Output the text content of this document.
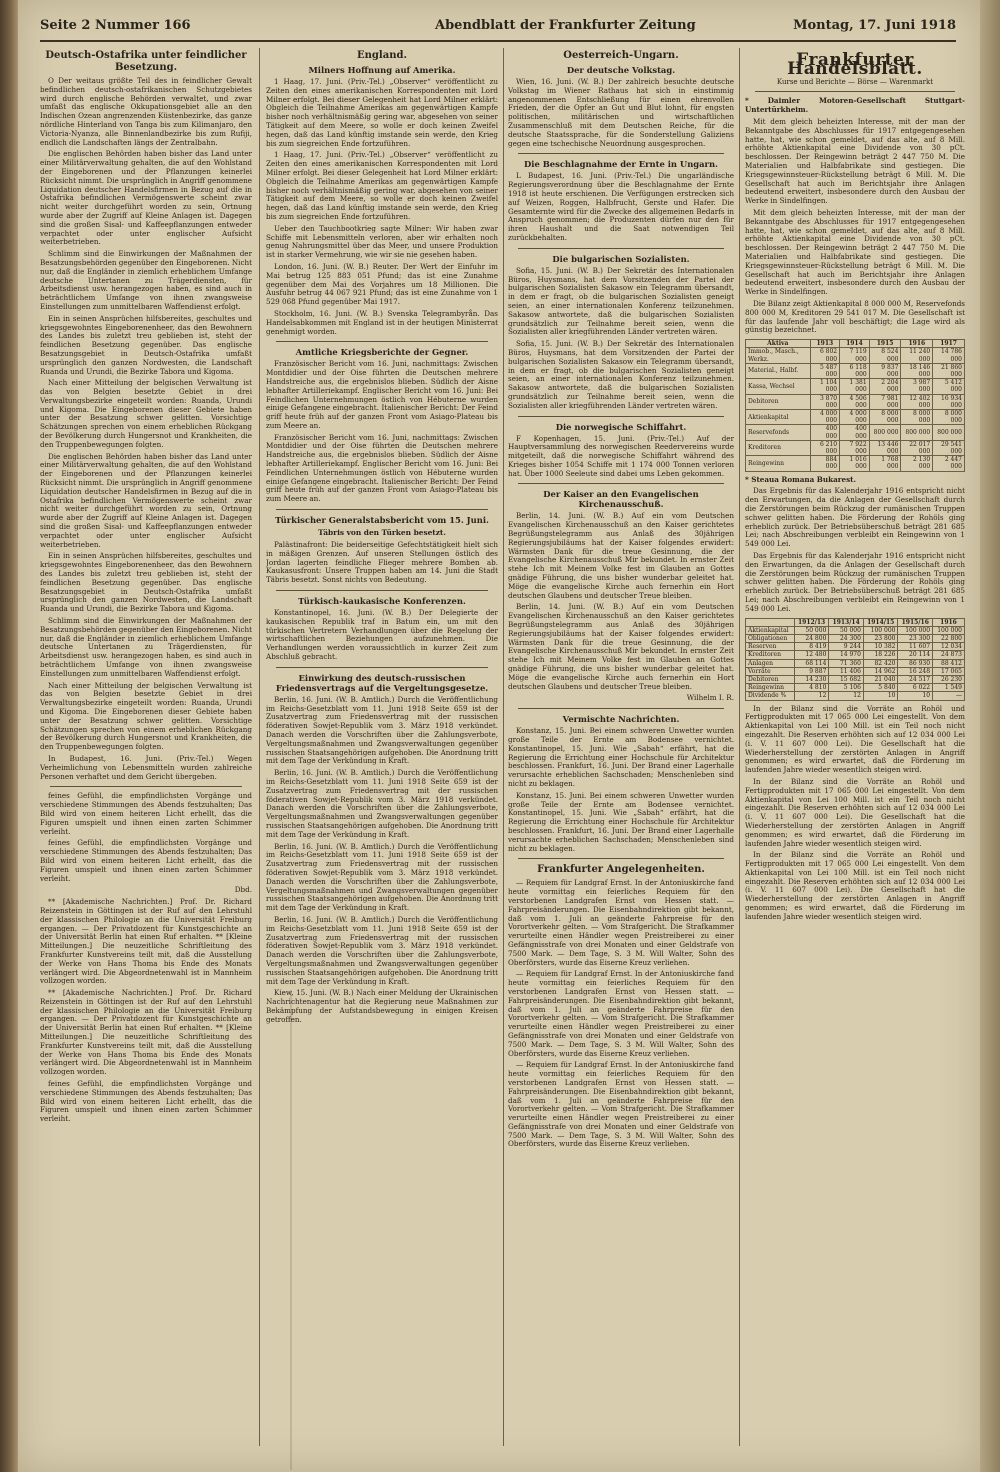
Seite 2 Nummer 166	Abendblatt der Frankfurter Zeitung	Montag, 17. Juni 1918
Deutsch-Ostafrika unter feindlicher Besetzung.

O Der weitaus größte Teil des in feindlicher Gewalt befindlichen deutsch-ostafrikanischen Schutzgebietes wird durch englische Behörden verwaltet, und zwar umfaßt das englische Okkupationsgebiet alle an den Indischen Ozean angrenzenden Küstenbezirke, das ganze nördliche Hinterland von Tanga bis zum Kilimanjaro, den Victoria-Nyanza, alle Binnenlandbezirke bis zum Rufiji, endlich die Landschaften längs der Zentralbahn.

Die englischen Behörden haben bisher das Land unter einer Militärverwaltung gehalten, die auf den Wohlstand der Eingeborenen und der Pflanzungen keinerlei Rücksicht nimmt. Die ursprünglich in Angriff genommene Liquidation deutscher Handelsfirmen in Bezug auf die in Ostafrika befindlichen Vermögenswerte scheint zwar nicht weiter durchgeführt worden zu sein, Ortnung wurde aber der Zugriff auf Kleine Anlagen ist. Dagegen sind die großen Sisal- und Kaffeepflanzungen entweder verpachtet oder unter englischer Aufsicht weiterbetrieben.

Schlimm sind die Einwirkungen der Maßnahmen der Besatzungsbehörden gegenüber den Eingeborenen. Nicht nur, daß die Engländer in ziemlich erheblichem Umfange deutsche Untertanen zu Trägerdiensten, für Arbeitsdienst usw. herangezogen haben, es sind auch in beträchtlichem Umfange von ihnen zwangsweise Einstellungen zum unmittelbaren Waffendienst erfolgt.

Ein in seinen Ansprüchen hilfsbereites, geschultes und kriegsgewohntes Eingeborenenheer, das den Bewohnern des Landes bis zuletzt treu geblieben ist, steht der feindlichen Besetzung gegenüber. Das englische Besatzungsgebiet in Deutsch-Ostafrika umfaßt ursprünglich den ganzen Nordwesten, die Landschaft Ruanda und Urundi, die Bezirke Tabora und Kigoma.

Nach einer Mitteilung der belgischen Verwaltung ist das von Belgien besetzte Gebiet in drei Verwaltungsbezirke eingeteilt worden: Ruanda, Urundi und Kigoma. Die Eingeborenen dieser Gebiete haben unter der Besatzung schwer gelitten. Vorsichtige Schätzungen sprechen von einem erheblichen Rückgang der Bevölkerung durch Hungersnot und Krankheiten, die den Truppenbewegungen folgten.

Die englischen Behörden haben bisher das Land unter einer Militärverwaltung gehalten, die auf den Wohlstand der Eingeborenen und der Pflanzungen keinerlei Rücksicht nimmt. Die ursprünglich in Angriff genommene Liquidation deutscher Handelsfirmen in Bezug auf die in Ostafrika befindlichen Vermögenswerte scheint zwar nicht weiter durchgeführt worden zu sein, Ortnung wurde aber der Zugriff auf Kleine Anlagen ist. Dagegen sind die großen Sisal- und Kaffeepflanzungen entweder verpachtet oder unter englischer Aufsicht weiterbetrieben.

Ein in seinen Ansprüchen hilfsbereites, geschultes und kriegsgewohntes Eingeborenenheer, das den Bewohnern des Landes bis zuletzt treu geblieben ist, steht der feindlichen Besetzung gegenüber. Das englische Besatzungsgebiet in Deutsch-Ostafrika umfaßt ursprünglich den ganzen Nordwesten, die Landschaft Ruanda und Urundi, die Bezirke Tabora und Kigoma.

Schlimm sind die Einwirkungen der Maßnahmen der Besatzungsbehörden gegenüber den Eingeborenen. Nicht nur, daß die Engländer in ziemlich erheblichem Umfange deutsche Untertanen zu Trägerdiensten, für Arbeitsdienst usw. herangezogen haben, es sind auch in beträchtlichem Umfange von ihnen zwangsweise Einstellungen zum unmittelbaren Waffendienst erfolgt.

Nach einer Mitteilung der belgischen Verwaltung ist das von Belgien besetzte Gebiet in drei Verwaltungsbezirke eingeteilt worden: Ruanda, Urundi und Kigoma. Die Eingeborenen dieser Gebiete haben unter der Besatzung schwer gelitten. Vorsichtige Schätzungen sprechen von einem erheblichen Rückgang der Bevölkerung durch Hungersnot und Krankheiten, die den Truppenbewegungen folgten.

In Budapest, 16. Juni. (Priv.-Tel.) Wegen Verheimlichung von Lebensmitteln wurden zahlreiche Personen verhaftet und dem Gericht übergeben.

feines Gefühl, die empfindlichsten Vorgänge und verschiedene Stimmungen des Abends festzuhalten; Das Bild wird von einem heiteren Licht erhellt, das die Figuren umspielt und ihnen einen zarten Schimmer verleiht.

feines Gefühl, die empfindlichsten Vorgänge und verschiedene Stimmungen des Abends festzuhalten; Das Bild wird von einem heiteren Licht erhellt, das die Figuren umspielt und ihnen einen zarten Schimmer verleiht.

Dbd.

** [Akademische Nachrichten.] Prof. Dr. Richard Reizenstein in Göttingen ist der Ruf auf den Lehrstuhl der klassischen Philologie an die Universität Freiburg ergangen. — Der Privatdozent für Kunstgeschichte an der Universität Berlin hat einen Ruf erhalten. ** [Kleine Mitteilungen.] Die neuzeitliche Schriftleitung des Frankfurter Kunstvereins teilt mit, daß die Ausstellung der Werke von Hans Thoma bis Ende des Monats verlängert wird. Die Abgeordnetenwahl ist in Mannheim vollzogen worden.

** [Akademische Nachrichten.] Prof. Dr. Richard Reizenstein in Göttingen ist der Ruf auf den Lehrstuhl der klassischen Philologie an die Universität Freiburg ergangen. — Der Privatdozent für Kunstgeschichte an der Universität Berlin hat einen Ruf erhalten. ** [Kleine Mitteilungen.] Die neuzeitliche Schriftleitung des Frankfurter Kunstvereins teilt mit, daß die Ausstellung der Werke von Hans Thoma bis Ende des Monats verlängert wird. Die Abgeordnetenwahl ist in Mannheim vollzogen worden.

feines Gefühl, die empfindlichsten Vorgänge und verschiedene Stimmungen des Abends festzuhalten; Das Bild wird von einem heiteren Licht erhellt, das die Figuren umspielt und ihnen einen zarten Schimmer verleiht.

England.
Milners Hoffnung auf Amerika.

1 Haag, 17. Juni. (Priv.-Tel.) „Observer“ veröffentlicht zu Zeiten den eines amerikanischen Korrespondenten mit Lord Milner erfolgt. Bei dieser Gelegenheit hat Lord Milner erklärt: Obgleich die Teilnahme Amerikas am gegenwärtigen Kampfe bisher noch verhältnismäßig gering war, abgesehen von seiner Tätigkeit auf dem Meere, so wolle er doch keinen Zweifel hegen, daß das Land künftig imstande sein werde, den Krieg bis zum siegreichen Ende fortzuführen.

1 Haag, 17. Juni. (Priv.-Tel.) „Observer“ veröffentlicht zu Zeiten den eines amerikanischen Korrespondenten mit Lord Milner erfolgt. Bei dieser Gelegenheit hat Lord Milner erklärt: Obgleich die Teilnahme Amerikas am gegenwärtigen Kampfe bisher noch verhältnismäßig gering war, abgesehen von seiner Tätigkeit auf dem Meere, so wolle er doch keinen Zweifel hegen, daß das Land künftig imstande sein werde, den Krieg bis zum siegreichen Ende fortzuführen.

Ueber den Tauchbootkrieg sagte Milner: Wir haben zwar Schiffe mit Lebensmitteln verloren, aber wir erhalten noch genug Nahrungsmittel über das Meer, und unsere Produktion ist in starker Vermehrung, wie wir sie nie gesehen haben.

London, 16. Juni. (W. B.) Reuter. Der Wert der Einfuhr im Mai betrug 125 883 051 Pfund; das ist eine Zunahme gegenüber dem Mai des Vorjahres um 18 Millionen. Die Ausfuhr betrug 44 067 921 Pfund; das ist eine Zunahme von 1 529 068 Pfund gegenüber Mai 1917.

Stockholm, 16. Juni. (W. B.) Svenska Telegrambyrån. Das Handelsabkommen mit England ist in der heutigen Ministerrat genehmigt worden.

Amtliche Kriegsberichte der Gegner.

Französischer Bericht vom 16. Juni, nachmittags: Zwischen Montdidier und der Oise führten die Deutschen mehrere Handstreiche aus, die ergebnislos blieben. Südlich der Aisne lebhafter Artilleriekampf. Englischer Bericht vom 16. Juni: Bei Feindlichen Unternehmungen östlich von Hébuterne wurden einige Gefangene eingebracht. Italienischer Bericht: Der Feind griff heute früh auf der ganzen Front vom Asiago-Plateau bis zum Meere an.

Französischer Bericht vom 16. Juni, nachmittags: Zwischen Montdidier und der Oise führten die Deutschen mehrere Handstreiche aus, die ergebnislos blieben. Südlich der Aisne lebhafter Artilleriekampf. Englischer Bericht vom 16. Juni: Bei Feindlichen Unternehmungen östlich von Hébuterne wurden einige Gefangene eingebracht. Italienischer Bericht: Der Feind griff heute früh auf der ganzen Front vom Asiago-Plateau bis zum Meere an.

Türkischer Generalstabsbericht vom 15. Juni.
Täbris von den Türken besetzt.

Palästinafront: Die beiderseitige Gefechtstätigkeit hielt sich in mäßigen Grenzen. Auf unseren Stellungen östlich des Jordan lagerten feindliche Flieger mehrere Bomben ab. Kaukasusfront: Unsere Truppen haben am 14. Juni die Stadt Täbris besetzt. Sonst nichts von Bedeutung.

Türkisch-kaukasische Konferenzen.

Konstantinopel, 16. Juni. (W. B.) Der Delegierte der kaukasischen Republik traf in Batum ein, um mit den türkischen Vertretern Verhandlungen über die Regelung der wirtschaftlichen Beziehungen aufzunehmen. Die Verhandlungen werden voraussichtlich in kurzer Zeit zum Abschluß gebracht.

Einwirkung des deutsch-russischen Friedensvertrags auf die Vergeltungsgesetze.

Berlin, 16. Juni. (W. B. Amtlich.) Durch die Veröffentlichung im Reichs-Gesetzblatt vom 11. Juni 1918 Seite 659 ist der Zusatzvertrag zum Friedensvertrag mit der russischen föderativen Sowjet-Republik vom 3. März 1918 verkündet. Danach werden die Vorschriften über die Zahlungsverbote, Vergeltungsmaßnahmen und Zwangsverwaltungen gegenüber russischen Staatsangehörigen aufgehoben. Die Anordnung tritt mit dem Tage der Verkündung in Kraft.

Berlin, 16. Juni. (W. B. Amtlich.) Durch die Veröffentlichung im Reichs-Gesetzblatt vom 11. Juni 1918 Seite 659 ist der Zusatzvertrag zum Friedensvertrag mit der russischen föderativen Sowjet-Republik vom 3. März 1918 verkündet. Danach werden die Vorschriften über die Zahlungsverbote, Vergeltungsmaßnahmen und Zwangsverwaltungen gegenüber russischen Staatsangehörigen aufgehoben. Die Anordnung tritt mit dem Tage der Verkündung in Kraft.

Berlin, 16. Juni. (W. B. Amtlich.) Durch die Veröffentlichung im Reichs-Gesetzblatt vom 11. Juni 1918 Seite 659 ist der Zusatzvertrag zum Friedensvertrag mit der russischen föderativen Sowjet-Republik vom 3. März 1918 verkündet. Danach werden die Vorschriften über die Zahlungsverbote, Vergeltungsmaßnahmen und Zwangsverwaltungen gegenüber russischen Staatsangehörigen aufgehoben. Die Anordnung tritt mit dem Tage der Verkündung in Kraft.

Berlin, 16. Juni. (W. B. Amtlich.) Durch die Veröffentlichung im Reichs-Gesetzblatt vom 11. Juni 1918 Seite 659 ist der Zusatzvertrag zum Friedensvertrag mit der russischen föderativen Sowjet-Republik vom 3. März 1918 verkündet. Danach werden die Vorschriften über die Zahlungsverbote, Vergeltungsmaßnahmen und Zwangsverwaltungen gegenüber russischen Staatsangehörigen aufgehoben. Die Anordnung tritt mit dem Tage der Verkündung in Kraft.

Kiew, 15. Juni. (W. B.) Nach einer Meldung der Ukrainischen Nachrichtenagentur hat die Regierung neue Maßnahmen zur Bekämpfung der Aufstandsbewegung in einigen Kreisen getroffen.

Oesterreich-Ungarn.
Der deutsche Volkstag.

Wien, 16. Juni. (W. B.) Der zahlreich besuchte deutsche Volkstag im Wiener Rathaus hat sich in einstimmig angenommenen Entschließung für einen ehrenvollen Frieden, der die Opfer an Gut und Blut lohnt, für engsten politischen, militärischen und wirtschaftlichen Zusammenschluß mit dem Deutschen Reiche, für die deutsche Staatssprache, für die Sonderstellung Galiziens gegen eine tschechische Neuordnung ausgesprochen.

Die Beschlagnahme der Ernte in Ungarn.

L Budapest, 16. Juni. (Priv.-Tel.) Die ungarländische Regierungsverordnung über die Beschlagnahme der Ernte 1918 ist heute erschienen. Die Verfügungen erstrecken sich auf Weizen, Roggen, Halbfrucht, Gerste und Hafer. Die Gesamternte wird für die Zwecke des allgemeinen Bedarfs in Anspruch genommen; die Produzenten dürfen nur den für ihren Haushalt und die Saat notwendigen Teil zurückbehalten.

Die bulgarischen Sozialisten.

Sofia, 15. Juni. (W. B.) Der Sekretär des Internationalen Büros, Huysmans, hat dem Vorsitzenden der Partei der bulgarischen Sozialisten Sakasow ein Telegramm übersandt, in dem er fragt, ob die bulgarischen Sozialisten geneigt seien, an einer internationalen Konferenz teilzunehmen. Sakasow antwortete, daß die bulgarischen Sozialisten grundsätzlich zur Teilnahme bereit seien, wenn die Sozialisten aller kriegführenden Länder vertreten wären.

Sofia, 15. Juni. (W. B.) Der Sekretär des Internationalen Büros, Huysmans, hat dem Vorsitzenden der Partei der bulgarischen Sozialisten Sakasow ein Telegramm übersandt, in dem er fragt, ob die bulgarischen Sozialisten geneigt seien, an einer internationalen Konferenz teilzunehmen. Sakasow antwortete, daß die bulgarischen Sozialisten grundsätzlich zur Teilnahme bereit seien, wenn die Sozialisten aller kriegführenden Länder vertreten wären.

Die norwegische Schiffahrt.

F Kopenhagen, 15. Juni. (Priv.-Tel.) Auf der Hauptversammlung des norwegischen Reedervereins wurde mitgeteilt, daß die norwegische Schiffahrt während des Krieges bisher 1054 Schiffe mit 1 174 000 Tonnen verloren hat. Über 1000 Seeleute sind dabei ums Leben gekommen.

Der Kaiser an den Evangelischen Kirchenausschuß.

Berlin, 14. Juni. (W. B.) Auf ein vom Deutschen Evangelischen Kirchenausschuß an den Kaiser gerichtetes Begrüßungstelegramm aus Anlaß des 30jährigen Regierungsjubiläums hat der Kaiser folgendes erwidert: Wärmsten Dank für die treue Gesinnung, die der Evangelische Kirchenausschuß Mir bekundet. In ernster Zeit stehe Ich mit Meinem Volke fest im Glauben an Gottes gnädige Führung, die uns bisher wunderbar geleitet hat. Möge die evangelische Kirche auch fernerhin ein Hort deutschen Glaubens und deutscher Treue bleiben.

Berlin, 14. Juni. (W. B.) Auf ein vom Deutschen Evangelischen Kirchenausschuß an den Kaiser gerichtetes Begrüßungstelegramm aus Anlaß des 30jährigen Regierungsjubiläums hat der Kaiser folgendes erwidert: Wärmsten Dank für die treue Gesinnung, die der Evangelische Kirchenausschuß Mir bekundet. In ernster Zeit stehe Ich mit Meinem Volke fest im Glauben an Gottes gnädige Führung, die uns bisher wunderbar geleitet hat. Möge die evangelische Kirche auch fernerhin ein Hort deutschen Glaubens und deutscher Treue bleiben.

Wilhelm I. R.

Vermischte Nachrichten.

Konstanz, 15. Juni. Bei einem schweren Unwetter wurden große Teile der Ernte am Bodensee vernichtet. Konstantinopel, 15. Juni. Wie „Sabah“ erfährt, hat die Regierung die Errichtung einer Hochschule für Architektur beschlossen. Frankfurt, 16. Juni. Der Brand einer Lagerhalle verursachte erheblichen Sachschaden; Menschenleben sind nicht zu beklagen.

Konstanz, 15. Juni. Bei einem schweren Unwetter wurden große Teile der Ernte am Bodensee vernichtet. Konstantinopel, 15. Juni. Wie „Sabah“ erfährt, hat die Regierung die Errichtung einer Hochschule für Architektur beschlossen. Frankfurt, 16. Juni. Der Brand einer Lagerhalle verursachte erheblichen Sachschaden; Menschenleben sind nicht zu beklagen.

Frankfurter Angelegenheiten.

— Requiem für Landgraf Ernst. In der Antoniuskirche fand heute vormittag ein feierliches Requiem für den verstorbenen Landgrafen Ernst von Hessen statt. — Fahrpreisänderungen. Die Eisenbahndirektion gibt bekannt, daß vom 1. Juli an geänderte Fahrpreise für den Vorortverkehr gelten. — Vom Strafgericht. Die Strafkammer verurteilte einen Händler wegen Preistreiberei zu einer Gefängnisstrafe von drei Monaten und einer Geldstrafe von 7500 Mark. — Dem Tage, S. 3 M. Will Walter, Sohn des Oberförsters, wurde das Eiserne Kreuz verliehen.

— Requiem für Landgraf Ernst. In der Antoniuskirche fand heute vormittag ein feierliches Requiem für den verstorbenen Landgrafen Ernst von Hessen statt. — Fahrpreisänderungen. Die Eisenbahndirektion gibt bekannt, daß vom 1. Juli an geänderte Fahrpreise für den Vorortverkehr gelten. — Vom Strafgericht. Die Strafkammer verurteilte einen Händler wegen Preistreiberei zu einer Gefängnisstrafe von drei Monaten und einer Geldstrafe von 7500 Mark. — Dem Tage, S. 3 M. Will Walter, Sohn des Oberförsters, wurde das Eiserne Kreuz verliehen.

— Requiem für Landgraf Ernst. In der Antoniuskirche fand heute vormittag ein feierliches Requiem für den verstorbenen Landgrafen Ernst von Hessen statt. — Fahrpreisänderungen. Die Eisenbahndirektion gibt bekannt, daß vom 1. Juli an geänderte Fahrpreise für den Vorortverkehr gelten. — Vom Strafgericht. Die Strafkammer verurteilte einen Händler wegen Preistreiberei zu einer Gefängnisstrafe von drei Monaten und einer Geldstrafe von 7500 Mark. — Dem Tage, S. 3 M. Will Walter, Sohn des Oberförsters, wurde das Eiserne Kreuz verliehen.

Frankfurter Handelsblatt.
Kurse und Berichte — Börse — Warenmarkt

* Daimler Motoren-Gesellschaft Stuttgart-Untertürkheim.

Mit dem gleich beheizten Interesse, mit der man der Bekanntgabe des Abschlusses für 1917 entgegengesehen hatte, hat, wie schon gemeldet, auf das alte, auf 8 Mill. erhöhte Aktienkapital eine Dividende von 30 pCt. beschlossen. Der Reingewinn beträgt 2 447 750 M. Die Materialien und Halbfabrikate sind gestiegen. Die Kriegsgewinnsteuer-Rückstellung beträgt 6 Mill. M. Die Gesellschaft hat auch im Berichtsjahr ihre Anlagen bedeutend erweitert, insbesondere durch den Ausbau der Werke in Sindelfingen.

Mit dem gleich beheizten Interesse, mit der man der Bekanntgabe des Abschlusses für 1917 entgegengesehen hatte, hat, wie schon gemeldet, auf das alte, auf 8 Mill. erhöhte Aktienkapital eine Dividende von 30 pCt. beschlossen. Der Reingewinn beträgt 2 447 750 M. Die Materialien und Halbfabrikate sind gestiegen. Die Kriegsgewinnsteuer-Rückstellung beträgt 6 Mill. M. Die Gesellschaft hat auch im Berichtsjahr ihre Anlagen bedeutend erweitert, insbesondere durch den Ausbau der Werke in Sindelfingen.

Die Bilanz zeigt Aktienkapital 8 000 000 M, Reservefonds 800 000 M, Kreditoren 29 541 017 M. Die Gesellschaft ist für das laufende Jahr voll beschäftigt; die Lage wird als günstig bezeichnet.

Aktiva	1913	1914	1915	1916	1917
Immob., Masch., Werkz.	6 802 000	7 119 000	8 524 000	11 240 000	14 786 000
Material., Halbf.	5 487 000	6 118 000	9 837 000	18 146 000	21 860 000
Kassa, Wechsel	1 104 000	1 381 000	2 204 000	3 987 000	5 412 000
Debitoren	3 870 000	4 506 000	7 981 000	12 402 000	16 934 000
Aktienkapital	4 000 000	4 000 000	8 000 000	8 000 000	8 000 000
Reservefonds	400 000	400 000	800 000	800 000	800 000
Kreditoren	6 210 000	7 922 000	13 446 000	22 017 000	29 541 000
Reingewinn	884 000	1 016 000	1 768 000	2 130 000	2 447 000

* Steaua Romana Bukarest.

Das Ergebnis für das Kalenderjahr 1916 entspricht nicht den Erwartungen, da die Anlagen der Gesellschaft durch die Zerstörungen beim Rückzug der rumänischen Truppen schwer gelitten haben. Die Förderung der Rohöls ging erheblich zurück. Der Betriebsüberschuß beträgt 281 685 Lei; nach Abschreibungen verbleibt ein Reingewinn von 1 549 000 Lei.

Das Ergebnis für das Kalenderjahr 1916 entspricht nicht den Erwartungen, da die Anlagen der Gesellschaft durch die Zerstörungen beim Rückzug der rumänischen Truppen schwer gelitten haben. Die Förderung der Rohöls ging erheblich zurück. Der Betriebsüberschuß beträgt 281 685 Lei; nach Abschreibungen verbleibt ein Reingewinn von 1 549 000 Lei.

	1912/13	1913/14	1914/15	1915/16	1916
Aktienkapital	50 000	50 000	100 000	100 000	100 000
Obligationen	24 800	24 300	23 800	23 300	22 800
Reserven	8 419	9 244	10 382	11 607	12 034
Kreditoren	12 480	14 970	18 226	20 114	24 873
Anlagen	68 114	71 360	82 420	86 930	88 412
Vorräte	9 887	11 406	14 962	16 248	17 065
Debitoren	14 230	15 682	21 040	24 517	26 230
Reingewinn	4 810	5 106	5 840	6 022	1 549
Dividende %	12	12	10	10	—

In der Bilanz sind die Vorräte an Rohöl und Fertigprodukten mit 17 065 000 Lei eingestellt. Von dem Aktienkapital von Lei 100 Mill. ist ein Teil noch nicht eingezahlt. Die Reserven erhöhten sich auf 12 034 000 Lei (i. V. 11 607 000 Lei). Die Gesellschaft hat die Wiederherstellung der zerstörten Anlagen in Angriff genommen; es wird erwartet, daß die Förderung im laufenden Jahre wieder wesentlich steigen wird.

In der Bilanz sind die Vorräte an Rohöl und Fertigprodukten mit 17 065 000 Lei eingestellt. Von dem Aktienkapital von Lei 100 Mill. ist ein Teil noch nicht eingezahlt. Die Reserven erhöhten sich auf 12 034 000 Lei (i. V. 11 607 000 Lei). Die Gesellschaft hat die Wiederherstellung der zerstörten Anlagen in Angriff genommen; es wird erwartet, daß die Förderung im laufenden Jahre wieder wesentlich steigen wird.

In der Bilanz sind die Vorräte an Rohöl und Fertigprodukten mit 17 065 000 Lei eingestellt. Von dem Aktienkapital von Lei 100 Mill. ist ein Teil noch nicht eingezahlt. Die Reserven erhöhten sich auf 12 034 000 Lei (i. V. 11 607 000 Lei). Die Gesellschaft hat die Wiederherstellung der zerstörten Anlagen in Angriff genommen; es wird erwartet, daß die Förderung im laufenden Jahre wieder wesentlich steigen wird.
